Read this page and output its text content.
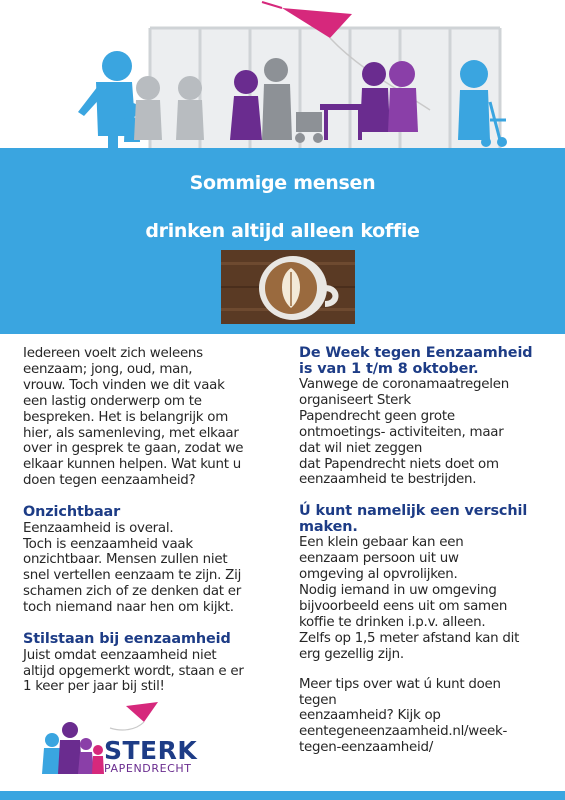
Sommige mensen
drinken altijd alleen koffie

Iedereen voelt zich weleens
eenzaam; jong, oud, man,
vrouw. Toch vinden we dit vaak
een lastig onderwerp om te
bespreken. Het is belangrijk om
hier, als samenleving, met elkaar
over in gesprek te gaan, zodat we
elkaar kunnen helpen. Wat kunt u
doen tegen eenzaamheid?

Onzichtbaar

Eenzaamheid is overal.
Toch is eenzaamheid vaak
onzichtbaar. Mensen zullen niet
snel vertellen eenzaam te zijn. Zij
schamen zich of ze denken dat er
toch niemand naar hen om kijkt.

Stilstaan bij eenzaamheid

Juist omdat eenzaamheid niet
altijd opgemerkt wordt, staan e er
1 keer per jaar bij stil!

De Week tegen Eenzaamheid
is van 1 t/m 8 oktober.

Vanwege de coronamaatregelen
organiseert Sterk
Papendrecht geen grote
ontmoetings- activiteiten, maar
dat wil niet zeggen
dat Papendrecht niets doet om
eenzaamheid te bestrijden.

Ú kunt namelijk een verschil
maken.

Een klein gebaar kan een
eenzaam persoon uit uw
omgeving al opvrolijken.
Nodig iemand in uw omgeving
bijvoorbeeld eens uit om samen
koffie te drinken i.p.v. alleen.
Zelfs op 1,5 meter afstand kan dit
erg gezellig zijn.

Meer tips over wat ú kunt doen
tegen
eenzaamheid? Kijk op
eentegeneenzaamheid.nl/week-
tegen-eenzaamheid/

STERK
PAPENDRECHT
